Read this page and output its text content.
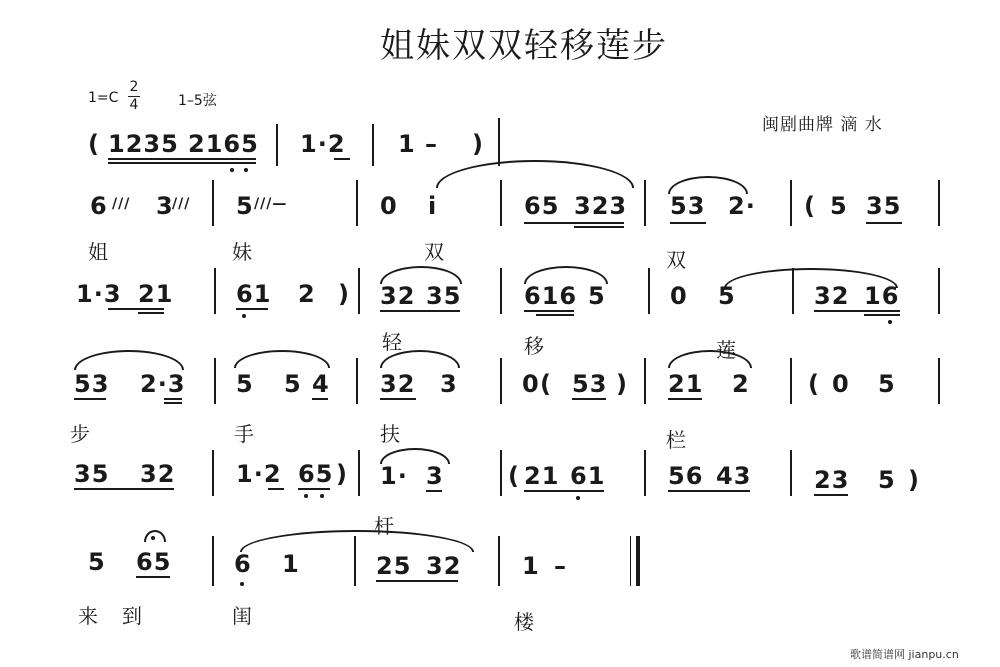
姐妹双双轻移莲步
1=C
2
4	1–5弦
闽剧曲牌 滴 水
( 1235 2165 1·2 1 – )
6 /// 3
/// 5 ///—	0 i	65 323 53 2· ( 5 35
姐	妹	双	双
1·3 21	61 2 ) 32 35	616 5	0 5	32 16
轻	移	莲
53 2·3 5 5 4 32 3	0 ( 53 ) 21 2 ( 0 5
步	手	扶	栏
35 32	1·2 65 ) 1· 3	( 21 61	56 43	23 5 )
杆
5 65	6 1	25 32	1 –
来 到	闺	楼
歌谱简谱网 jianpu.cn
